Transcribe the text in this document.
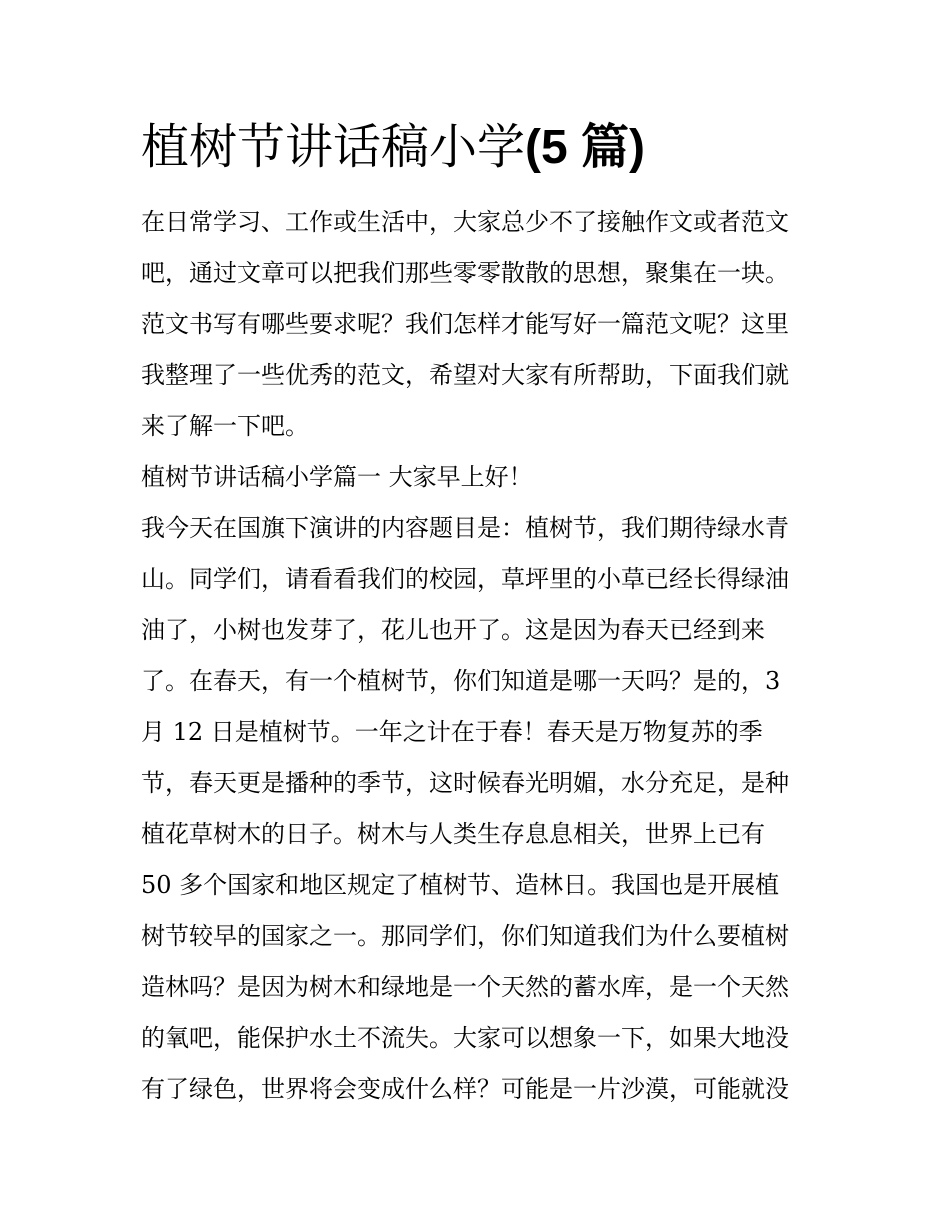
植树节讲话稿小学(5 篇)
在日常学习、工作或生活中，大家总少不了接触作文或者范文
吧，通过文章可以把我们那些零零散散的思想，聚集在一块。
范文书写有哪些要求呢？我们怎样才能写好一篇范文呢？这里
我整理了一些优秀的范文，希望对大家有所帮助，下面我们就
来了解一下吧。
植树节讲话稿小学篇一 大家早上好！
我今天在国旗下演讲的内容题目是：植树节，我们期待绿水青
山。同学们，请看看我们的校园，草坪里的小草已经长得绿油
油了，小树也发芽了，花儿也开了。这是因为春天已经到来
了。在春天，有一个植树节，你们知道是哪一天吗？是的，3
月 12 日是植树节。一年之计在于春！春天是万物复苏的季
节，春天更是播种的季节，这时候春光明媚，水分充足，是种
植花草树木的日子。树木与人类生存息息相关，世界上已有
50 多个国家和地区规定了植树节、造林日。我国也是开展植
树节较早的国家之一。那同学们，你们知道我们为什么要植树
造林吗？是因为树木和绿地是一个天然的蓄水库，是一个天然
的氧吧，能保护水土不流失。大家可以想象一下，如果大地没
有了绿色，世界将会变成什么样？可能是一片沙漠，可能就没
